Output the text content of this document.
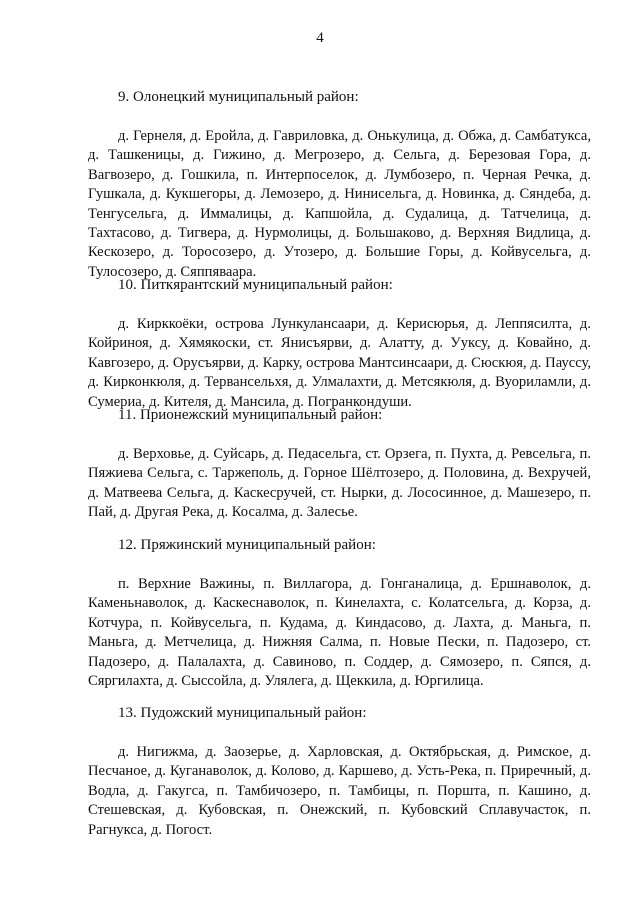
4

9. Олонецкий муниципальный район:

д. Гернеля, д. Еройла, д. Гавриловка, д. Онькулица, д. Обжа, д. Самбатукса, д. Ташкеницы, д. Гижино, д. Мегрозеро, д. Сельга, д. Березовая Гора, д. Вагвозеро, д. Гошкила, п. Интерпоселок, д. Лумбозеро, п. Черная Речка, д. Гушкала, д. Кукшегоры, д. Лемозеро, д. Нинисельга, д. Новинка, д. Сяндеба, д. Тенгусельга, д. Иммалицы, д. Капшойла, д. Судалица, д. Татчелица, д. Тахтасово, д. Тигвера, д. Нурмолицы, д. Большаково, д. Верхняя Видлица, д. Кескозеро, д. Торосозеро, д. Утозеро, д. Большие Горы, д. Койвусельга, д. Тулосозеро, д. Сяппяваара.

10. Питкярантский муниципальный район:

д. Кирккоёки, острова Лункулансаари, д. Керисюрья, д. Леппясилта, д. Койриноя, д. Хямякоски, ст. Янисъярви, д. Алатту, д. Ууксу, д. Ковайно, д. Кавгозеро, д. Орусъярви, д. Карку, острова Мантсинсаари, д. Сюскюя, д. Пауссу, д. Кирконкюля, д. Тервансельхя, д. Улмалахти, д. Метсякюля, д. Вуориламли, д. Сумериа, д. Кителя, д. Мансила, д. Погранкондуши.

11. Прионежский муниципальный район:

д. Верховье, д. Суйсарь, д. Педасельга, ст. Орзега, п. Пухта, д. Ревсельга, п. Пяжиева Сельга, с. Таржеполь, д. Горное Шёлтозеро, д. Половина, д. Вехручей, д. Матвеева Сельга, д. Каскесручей, ст. Нырки, д. Лососинное, д. Машезеро, п. Пай, д. Другая Река, д. Косалма, д. Залесье.

12. Пряжинский муниципальный район:

п. Верхние Важины, п. Виллагора, д. Гонганалица, д. Ершнаволок, д. Каменьнаволок, д. Каскеснаволок, п. Кинелахта, с. Колатсельга, д. Корза, д. Котчура, п. Койвусельга, п. Кудама, д. Киндасово, д. Лахта, д. Маньга, п. Маньга, д. Метчелица, д. Нижняя Салма, п. Новые Пески, п. Падозеро, ст. Падозеро, д. Палалахта, д. Савиново, п. Соддер, д. Сямозеро, п. Сяпся, д. Сяргилахта, д. Сыссойла, д. Улялега, д. Щеккила, д. Юргилица.

13. Пудожский муниципальный район:

д. Нигижма, д. Заозерье, д. Харловская, д. Октябрьская, д. Римское, д. Песчаное, д. Куганаволок, д. Колово, д. Каршево, д. Усть-Река, п. Приречный, д. Водла, д. Гакугса, п. Тамбичозеро, п. Тамбицы, п. Поршта, п. Кашино, д. Стешевская, д. Кубовская, п. Онежский, п. Кубовский Сплавучасток, п. Рагнукса, д. Погост.
